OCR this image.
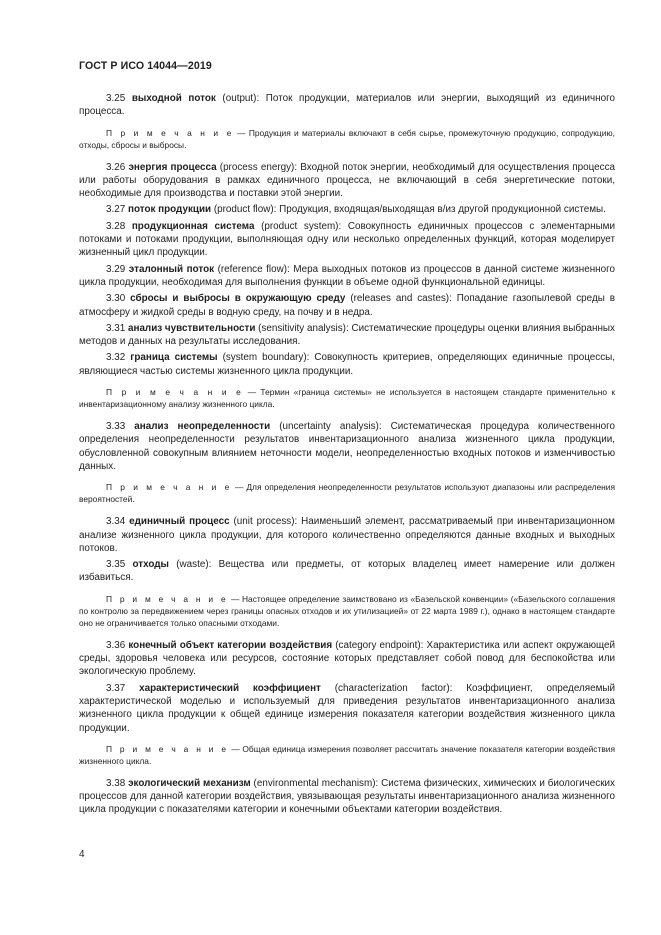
ГОСТ Р ИСО 14044—2019
3.25 выходной поток (output): Поток продукции, материалов или энергии, выходящий из единичного процесса.
П р и м е ч а н и е — Продукция и материалы включают в себя сырье, промежуточную продукцию, сопродукцию, отходы, сбросы и выбросы.
3.26 энергия процесса (process energy): Входной поток энергии, необходимый для осуществления процесса или работы оборудования в рамках единичного процесса, не включающий в себя энергетические потоки, необходимые для производства и поставки этой энергии.
3.27 поток продукции (product flow): Продукция, входящая/выходящая в/из другой продукционной системы.
3.28 продукционная система (product system): Совокупность единичных процессов с элементарными потоками и потоками продукции, выполняющая одну или несколько определенных функций, которая моделирует жизненный цикл продукции.
3.29 эталонный поток (reference flow): Мера выходных потоков из процессов в данной системе жизненного цикла продукции, необходимая для выполнения функции в объеме одной функциональной единицы.
3.30 сбросы и выбросы в окружающую среду (releases and castes): Попадание газопылевой среды в атмосферу и жидкой среды в водную среду, на почву и в недра.
3.31 анализ чувствительности (sensitivity analysis): Систематические процедуры оценки влияния выбранных методов и данных на результаты исследования.
3.32 граница системы (system boundary): Совокупность критериев, определяющих единичные процессы, являющиеся частью системы жизненного цикла продукции.
П р и м е ч а н и е — Термин «граница системы» не используется в настоящем стандарте применительно к инвентаризационному анализу жизненного цикла.
3.33 анализ неопределенности (uncertainty analysis): Систематическая процедура количественного определения неопределенности результатов инвентаризационного анализа жизненного цикла продукции, обусловленной совокупным влиянием неточности модели, неопределенностью входных потоков и изменчивостью данных.
П р и м е ч а н и е — Для определения неопределенности результатов используют диапазоны или распределения вероятностей.
3.34 единичный процесс (unit process): Наименьший элемент, рассматриваемый при инвентаризационном анализе жизненного цикла продукции, для которого количественно определяются данные входных и выходных потоков.
3.35 отходы (waste): Вещества или предметы, от которых владелец имеет намерение или должен избавиться.
П р и м е ч а н и е — Настоящее определение заимствовано из «Базельской конвенции» («Базельского соглашения по контролю за передвижением через границы опасных отходов и их утилизацией» от 22 марта 1989 г.), однако в настоящем стандарте оно не ограничивается только опасными отходами.
3.36 конечный объект категории воздействия (category endpoint): Характеристика или аспект окружающей среды, здоровья человека или ресурсов, состояние которых представляет собой повод для беспокойства или экологическую проблему.
3.37 характеристический коэффициент (characterization factor): Коэффициент, определяемый характеристической моделью и используемый для приведения результатов инвентаризационного анализа жизненного цикла продукции к общей единице измерения показателя категории воздействия жизненного цикла продукции.
П р и м е ч а н и е — Общая единица измерения позволяет рассчитать значение показателя категории воздействия жизненного цикла.
3.38 экологический механизм (environmental mechanism): Система физических, химических и биологических процессов для данной категории воздействия, увязывающая результаты инвентаризационного анализа жизненного цикла продукции с показателями категории и конечными объектами категории воздействия.
4
